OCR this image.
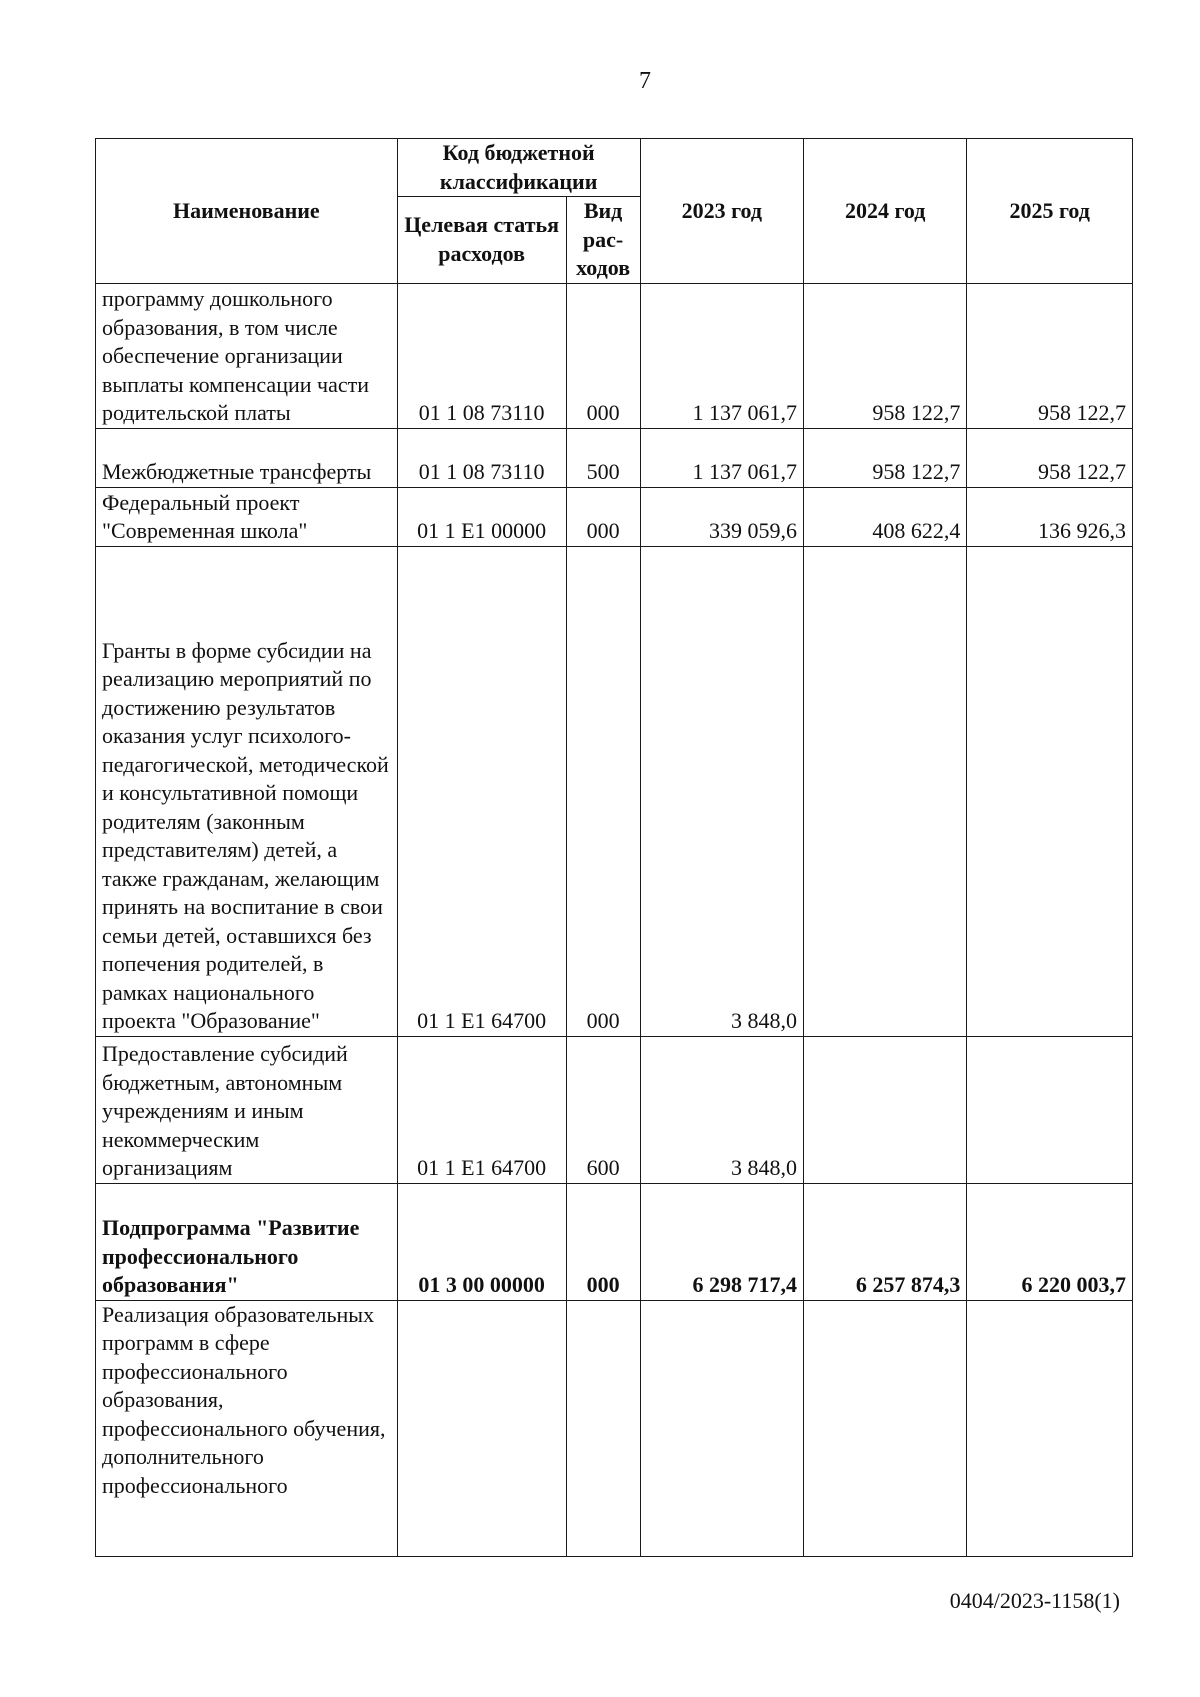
7
Наименование	Код бюджетной классификации		2023 год	2024 год	2025 год
	Целевая статья расходов	Вид рас-ходов			
программу дошкольного образования, в том числе обеспечение организации выплаты компенсации части родительской платы	01 1 08 73110	000	1 137 061,7	958 122,7	958 122,7
Межбюджетные трансферты	01 1 08 73110	500	1 137 061,7	958 122,7	958 122,7
Федеральный проект "Современная школа"	01 1 E1 00000	000	339 059,6	408 622,4	136 926,3
Гранты в форме субсидии на реализацию мероприятий по достижению результатов оказания услуг психолого-педагогической, методической и консультативной помощи родителям (законным представителям) детей, а также гражданам, желающим принять на воспитание в свои семьи детей, оставшихся без попечения родителей, в рамках национального проекта "Образование"	01 1 E1 64700	000	3 848,0		
Предоставление субсидий бюджетным, автономным учреждениям и иным некоммерческим организациям	01 1 E1 64700	600	3 848,0		
Подпрограмма "Развитие профессионального образования"	01 3 00 00000	000	6 298 717,4	6 257 874,3	6 220 003,7
Реализация образовательных программ в сфере профессионального образования, профессионального обучения, дополнительного профессионального					
0404/2023-1158(1)
